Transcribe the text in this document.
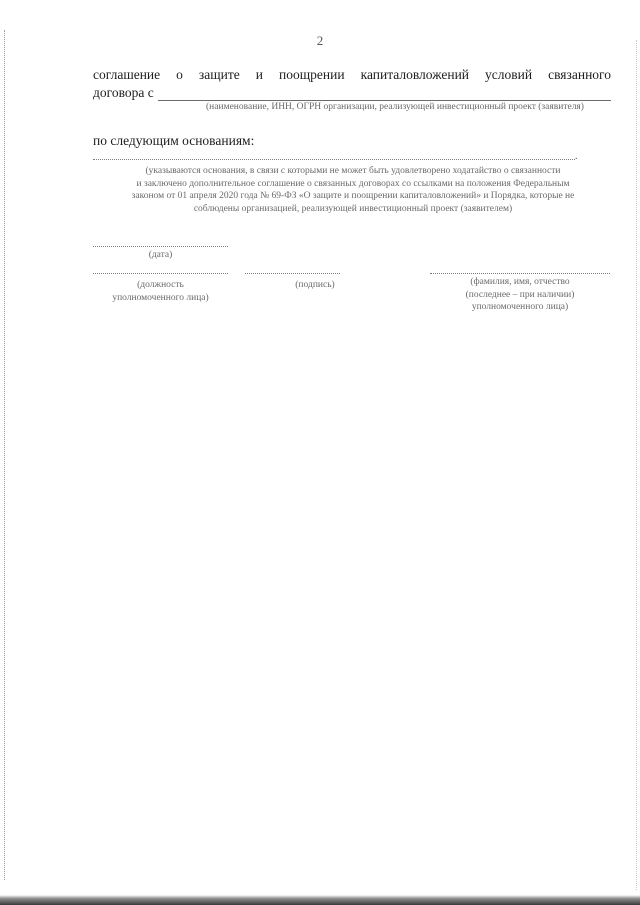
2
соглашение о защите и поощрении капиталовложений условий связанного
договора с
(наименование, ИНН, ОГРН организации, реализующей инвестиционный проект (заявителя)
по следующим основаниям:
.
(указываются основания, в связи с которыми не может быть удовлетворено ходатайство о связанности
и заключено дополнительное соглашение о связанных договорах со ссылками на положения Федеральным
законом от 01 апреля 2020 года № 69-ФЗ «О защите и поощрении капиталовложений» и Порядка, которые не
соблюдены организацией, реализующей инвестиционный проект (заявителем)
(дата)
(должность
уполномоченного лица)
(подпись)	(фамилия, имя, отчество
(последнее – при наличии)
уполномоченного лица)
